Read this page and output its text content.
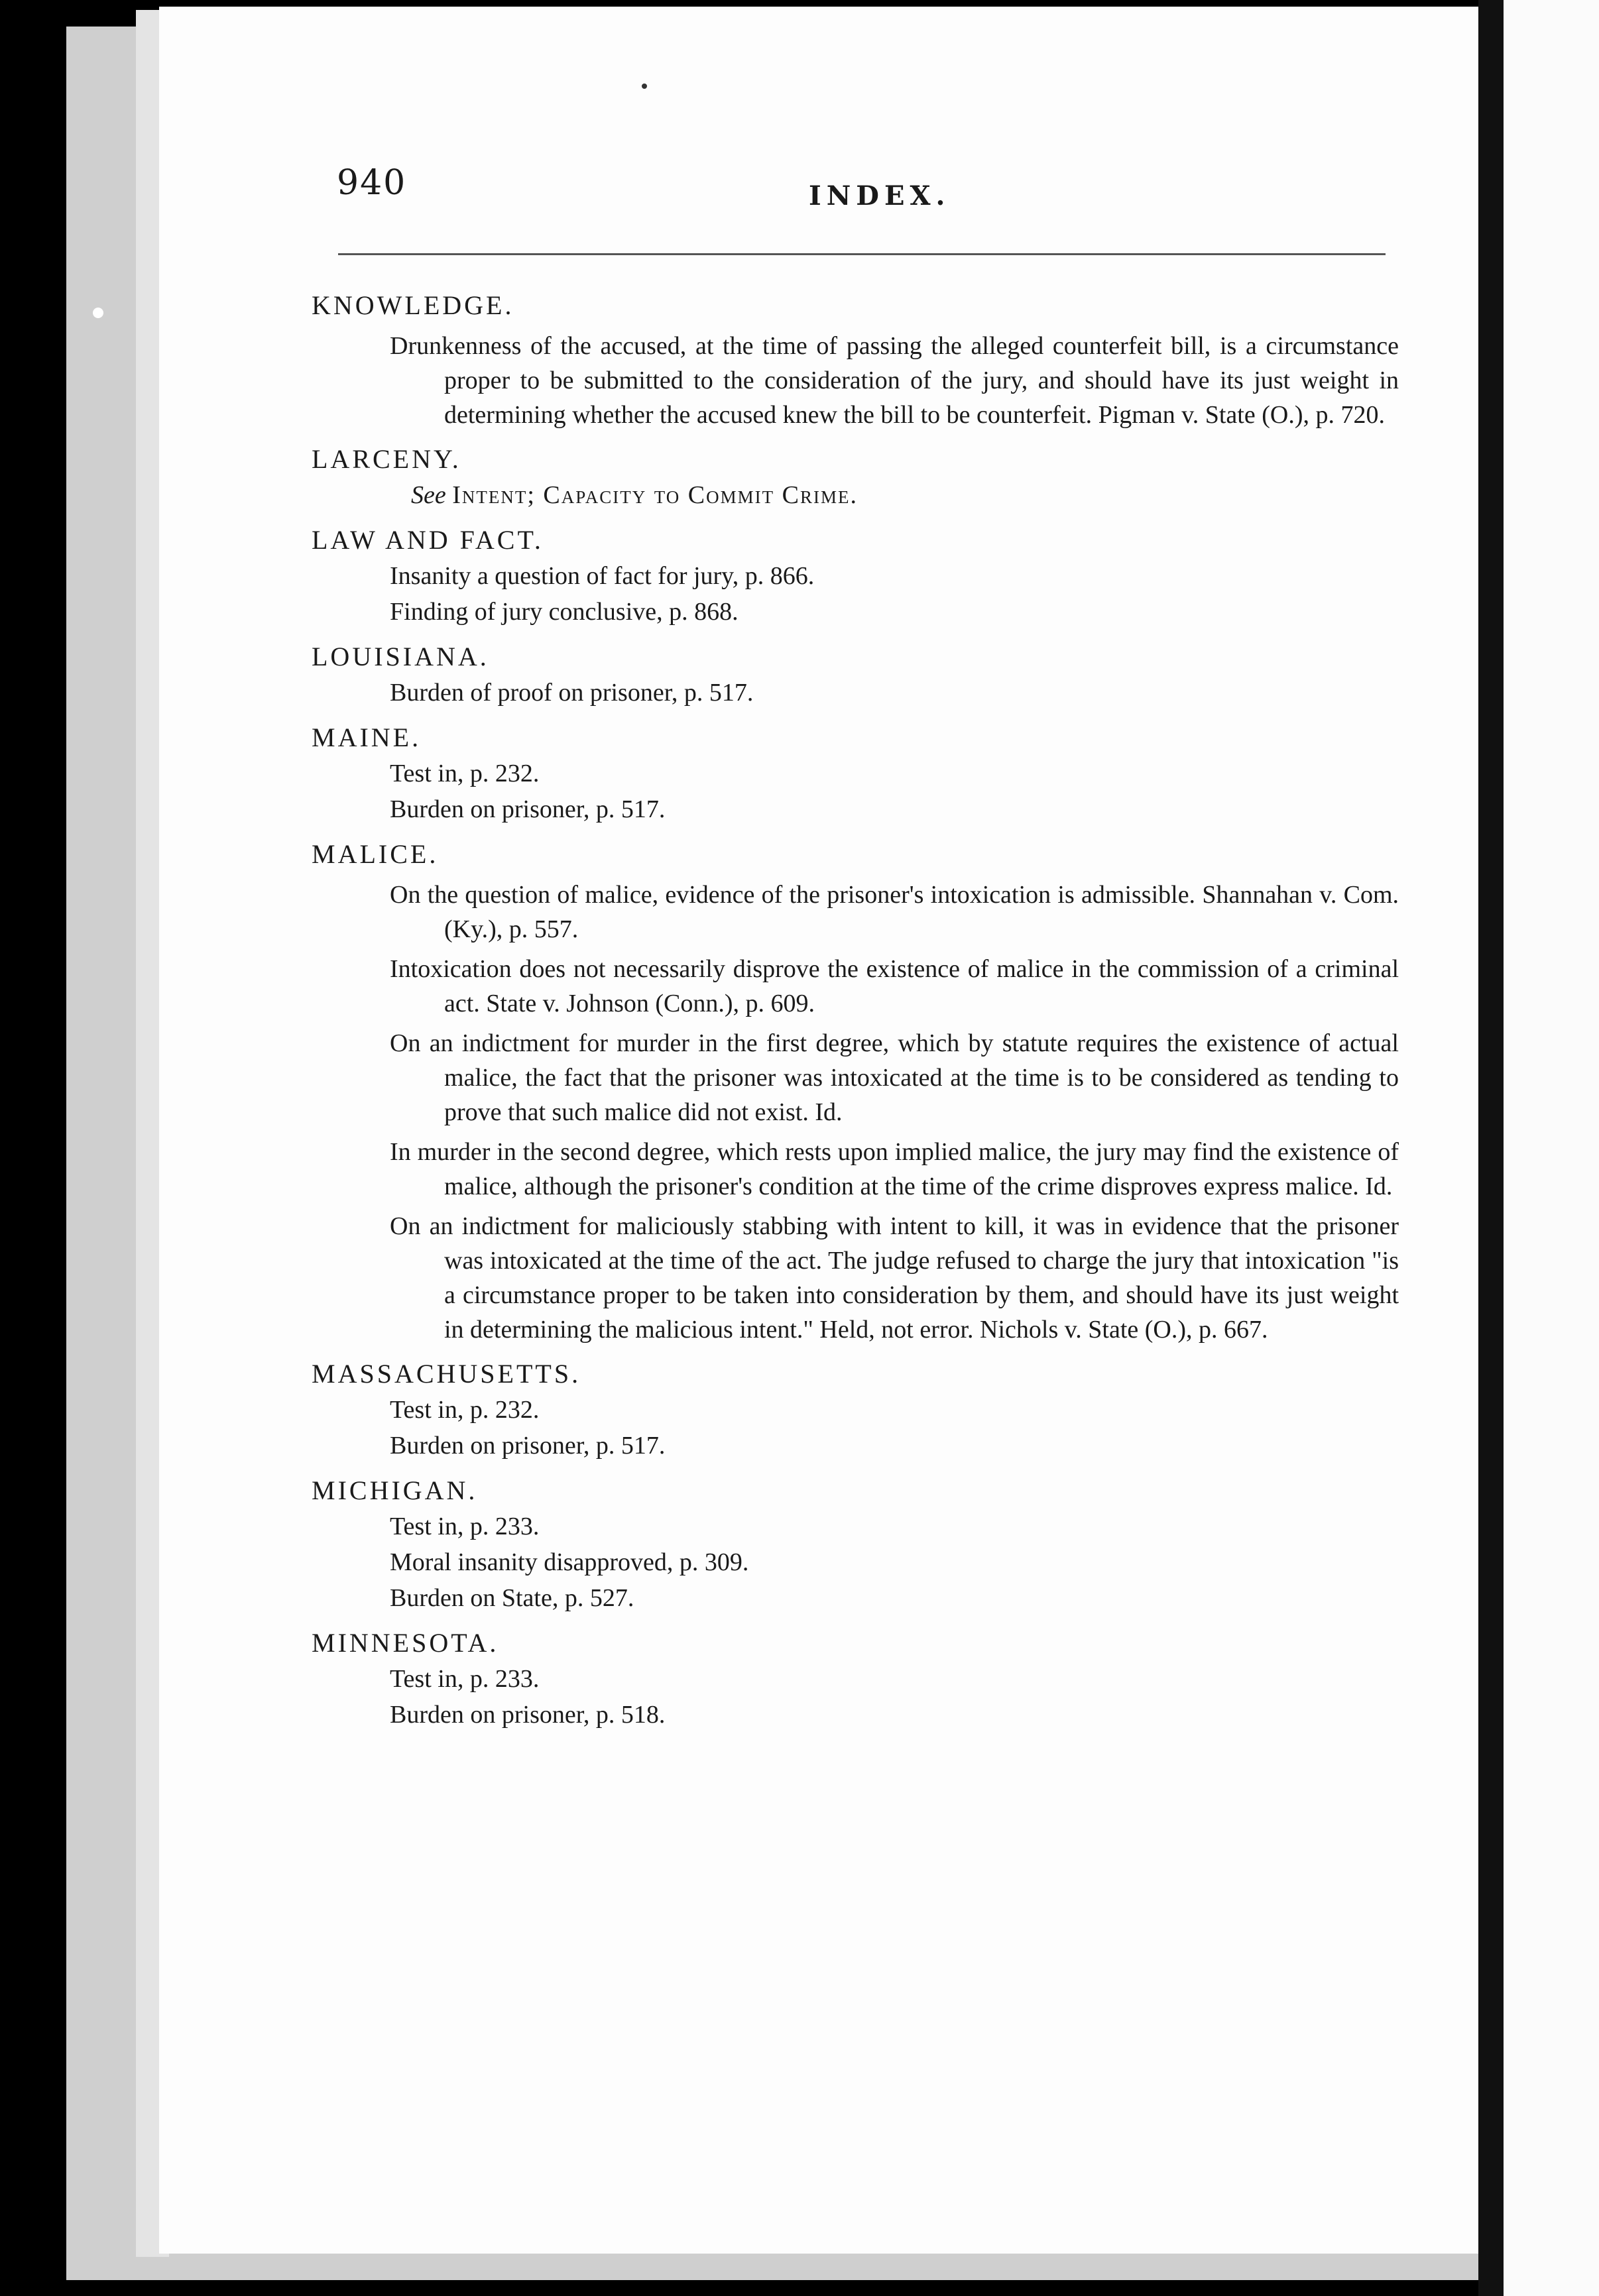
940	INDEX.
KNOWLEDGE.

Drunkenness of the accused, at the time of passing the alleged counterfeit bill, is a circumstance proper to be submitted to the consideration of the jury, and should have its just weight in determining whether the accused knew the bill to be counterfeit. Pigman v. State (O.), p. 720.

LARCENY.
See Intent; Capacity to Commit Crime.
LAW AND FACT.
Insanity a question of fact for jury, p. 866.
Finding of jury conclusive, p. 868.
LOUISIANA.
Burden of proof on prisoner, p. 517.
MAINE.
Test in, p. 232.
Burden on prisoner, p. 517.
MALICE.

On the question of malice, evidence of the prisoner's intoxication is admissible. Shannahan v. Com. (Ky.), p. 557.

Intoxication does not necessarily disprove the existence of malice in the commission of a criminal act. State v. Johnson (Conn.), p. 609.

On an indictment for murder in the first degree, which by statute requires the existence of actual malice, the fact that the prisoner was intoxicated at the time is to be considered as tending to prove that such malice did not exist. Id.

In murder in the second degree, which rests upon implied malice, the jury may find the existence of malice, although the prisoner's condition at the time of the crime disproves express malice. Id.

On an indictment for maliciously stabbing with intent to kill, it was in evidence that the prisoner was intoxicated at the time of the act. The judge refused to charge the jury that intoxication "is a circumstance proper to be taken into consideration by them, and should have its just weight in determining the malicious intent." Held, not error. Nichols v. State (O.), p. 667.

MASSACHUSETTS.
Test in, p. 232.
Burden on prisoner, p. 517.
MICHIGAN.
Test in, p. 233.
Moral insanity disapproved, p. 309.
Burden on State, p. 527.
MINNESOTA.
Test in, p. 233.
Burden on prisoner, p. 518.
